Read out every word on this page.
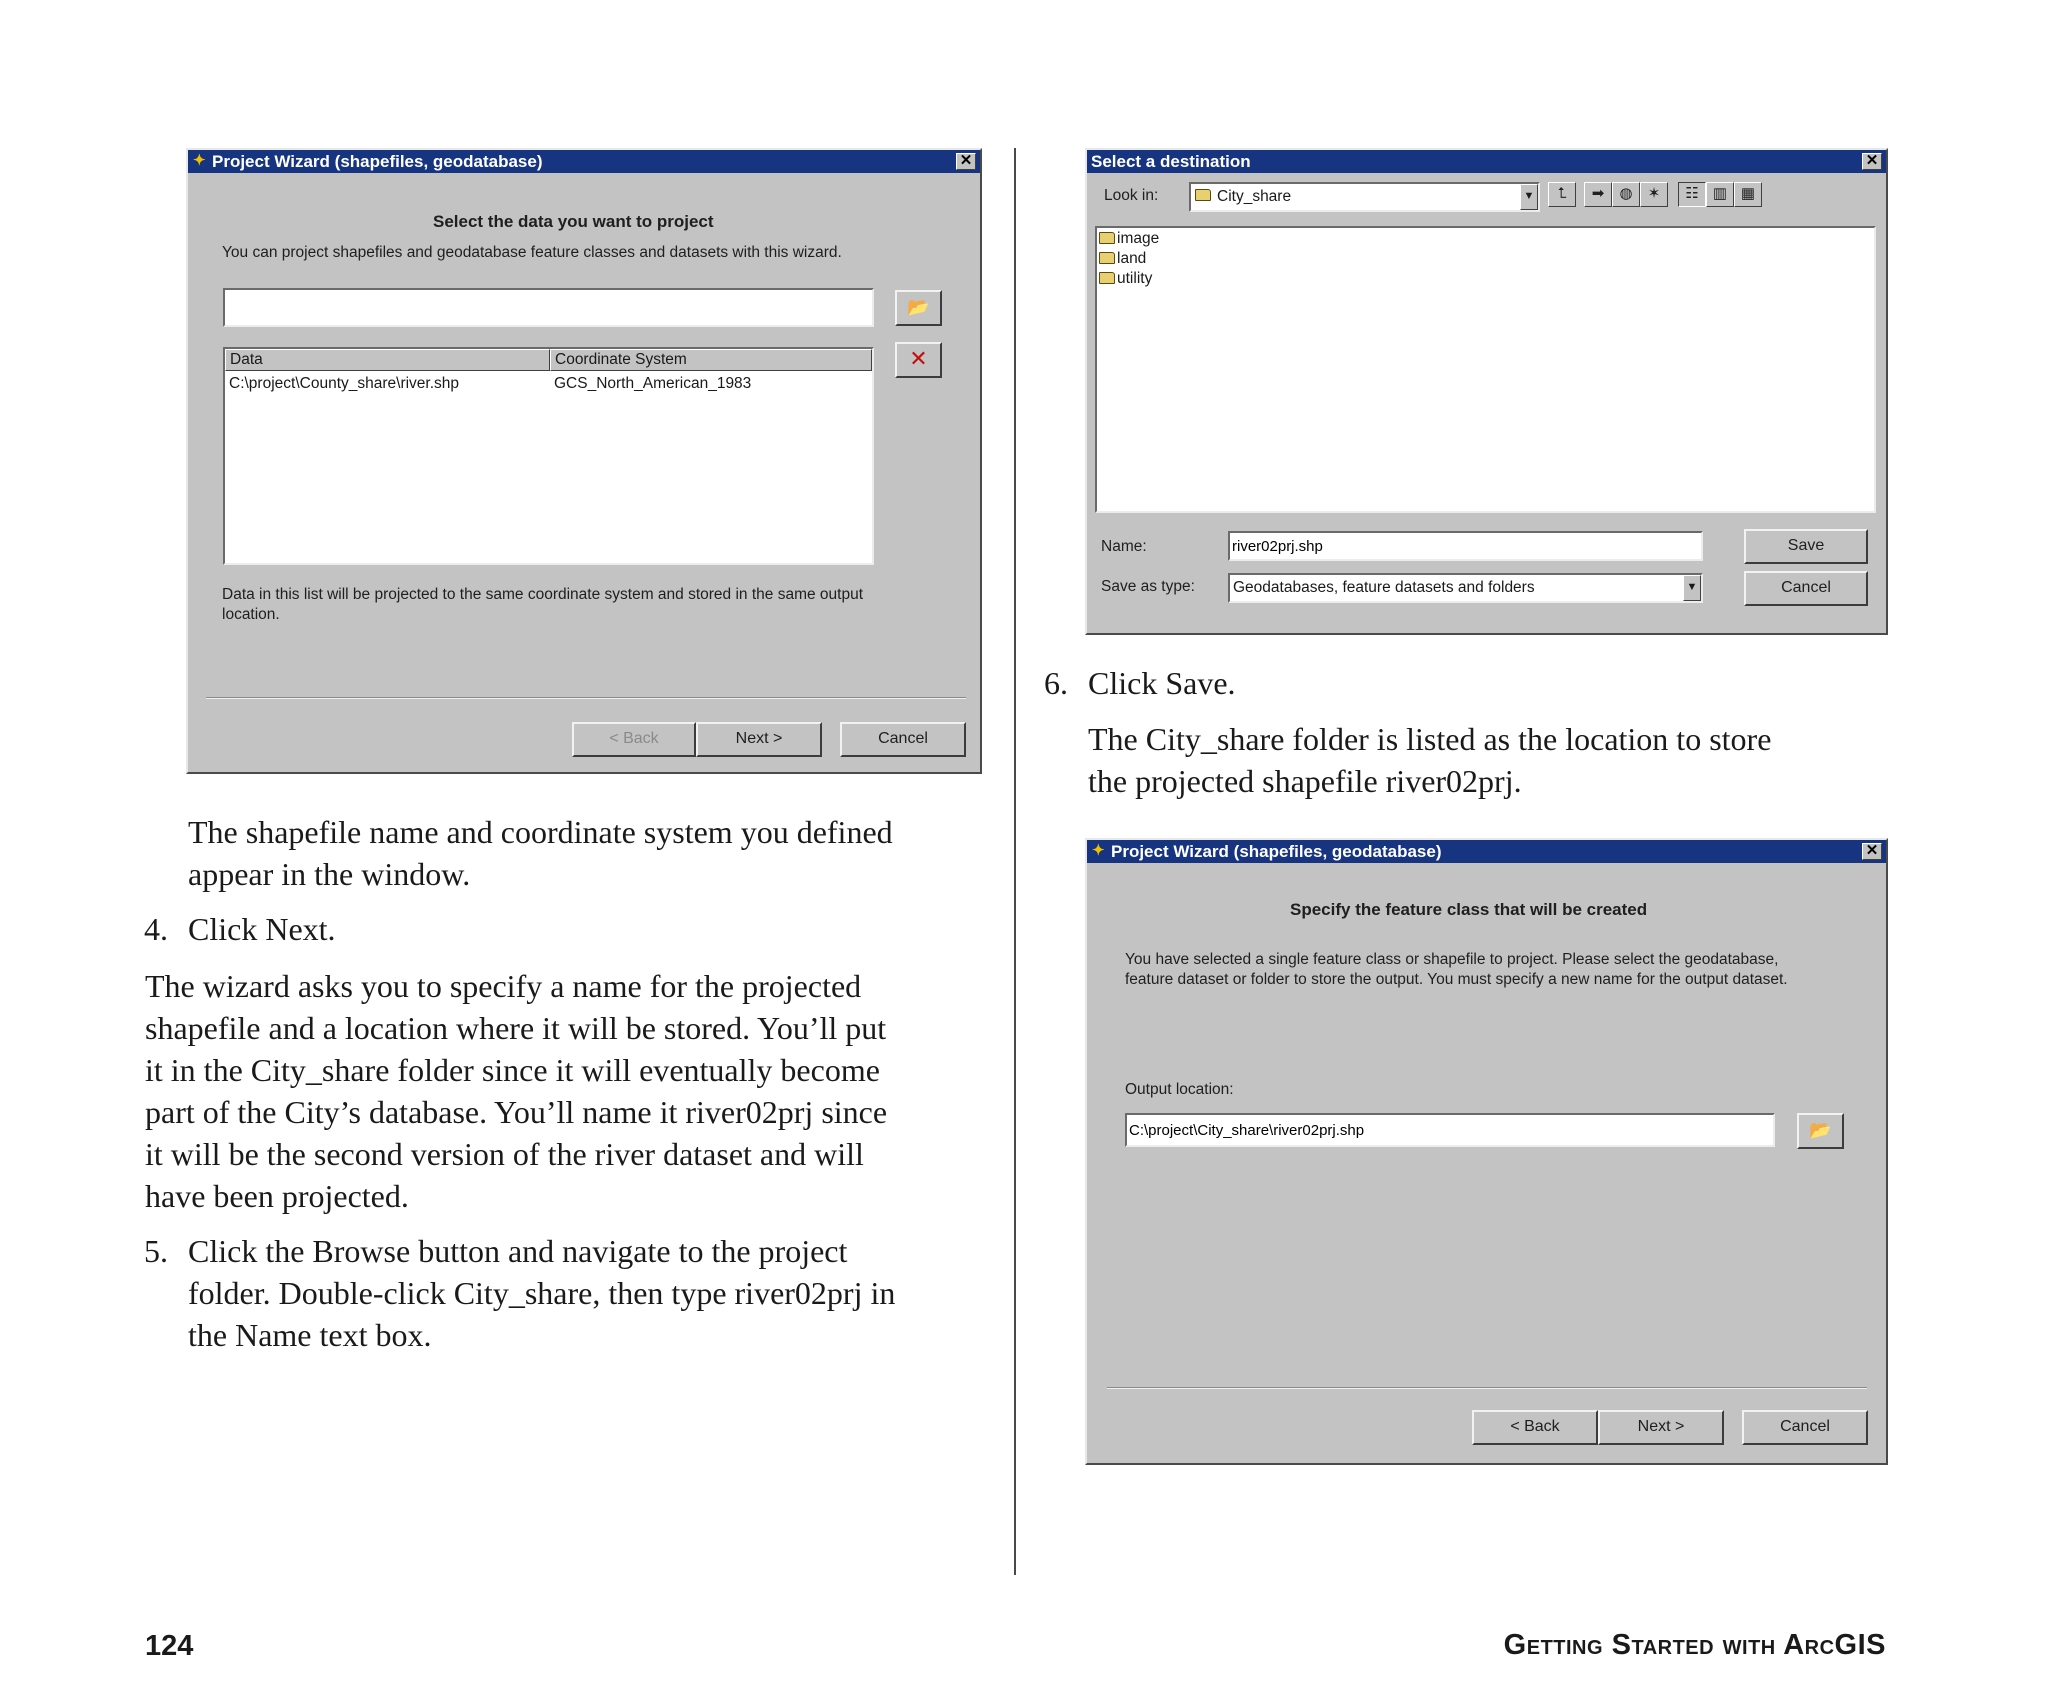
✦ Project Wizard (shapefiles, geodatabase)	✕
Select the data you want to project
You can project shapefiles and geodatabase feature classes and datasets with this wizard.
📂
✕
Data	Coordinate System
C:\project\County_share\river.shp	GCS_North_American_1983
Data in this list will be projected to the same coordinate system and stored in the same output
location.
< Back	Next >	Cancel
Select a destination	✕
Look in:	City_share	▼	⮤	➡	◍	✶	☷ ▥ ▦
image
land
utility
Name:
river02prj.shp
Save as type: Geodatabases, feature datasets and folders	▼
Save
Cancel
✦ Project Wizard (shapefiles, geodatabase)	✕
Specify the feature class that will be created
You have selected a single feature class or shapefile to project. Please select the geodatabase,
feature dataset or folder to store the output. You must specify a new name for the output dataset.
Output location:
C:\project\City_share\river02prj.shp
📂
< Back	Next >	Cancel

The shapefile name and coordinate system you defined

appear in the window.

4. Click Next.

The wizard asks you to specify a name for the projected

shapefile and a location where it will be stored. You’ll put

it in the City_share folder since it will eventually become

part of the City’s database. You’ll name it river02prj since

it will be the second version of the river dataset and will

have been projected.

5. Click the Browse button and navigate to the project

folder. Double-click City_share, then type river02prj in

the Name text box.

6. Click Save.

The City_share folder is listed as the location to store

the projected shapefile river02prj.

124	Getting Started with ArcGIS
